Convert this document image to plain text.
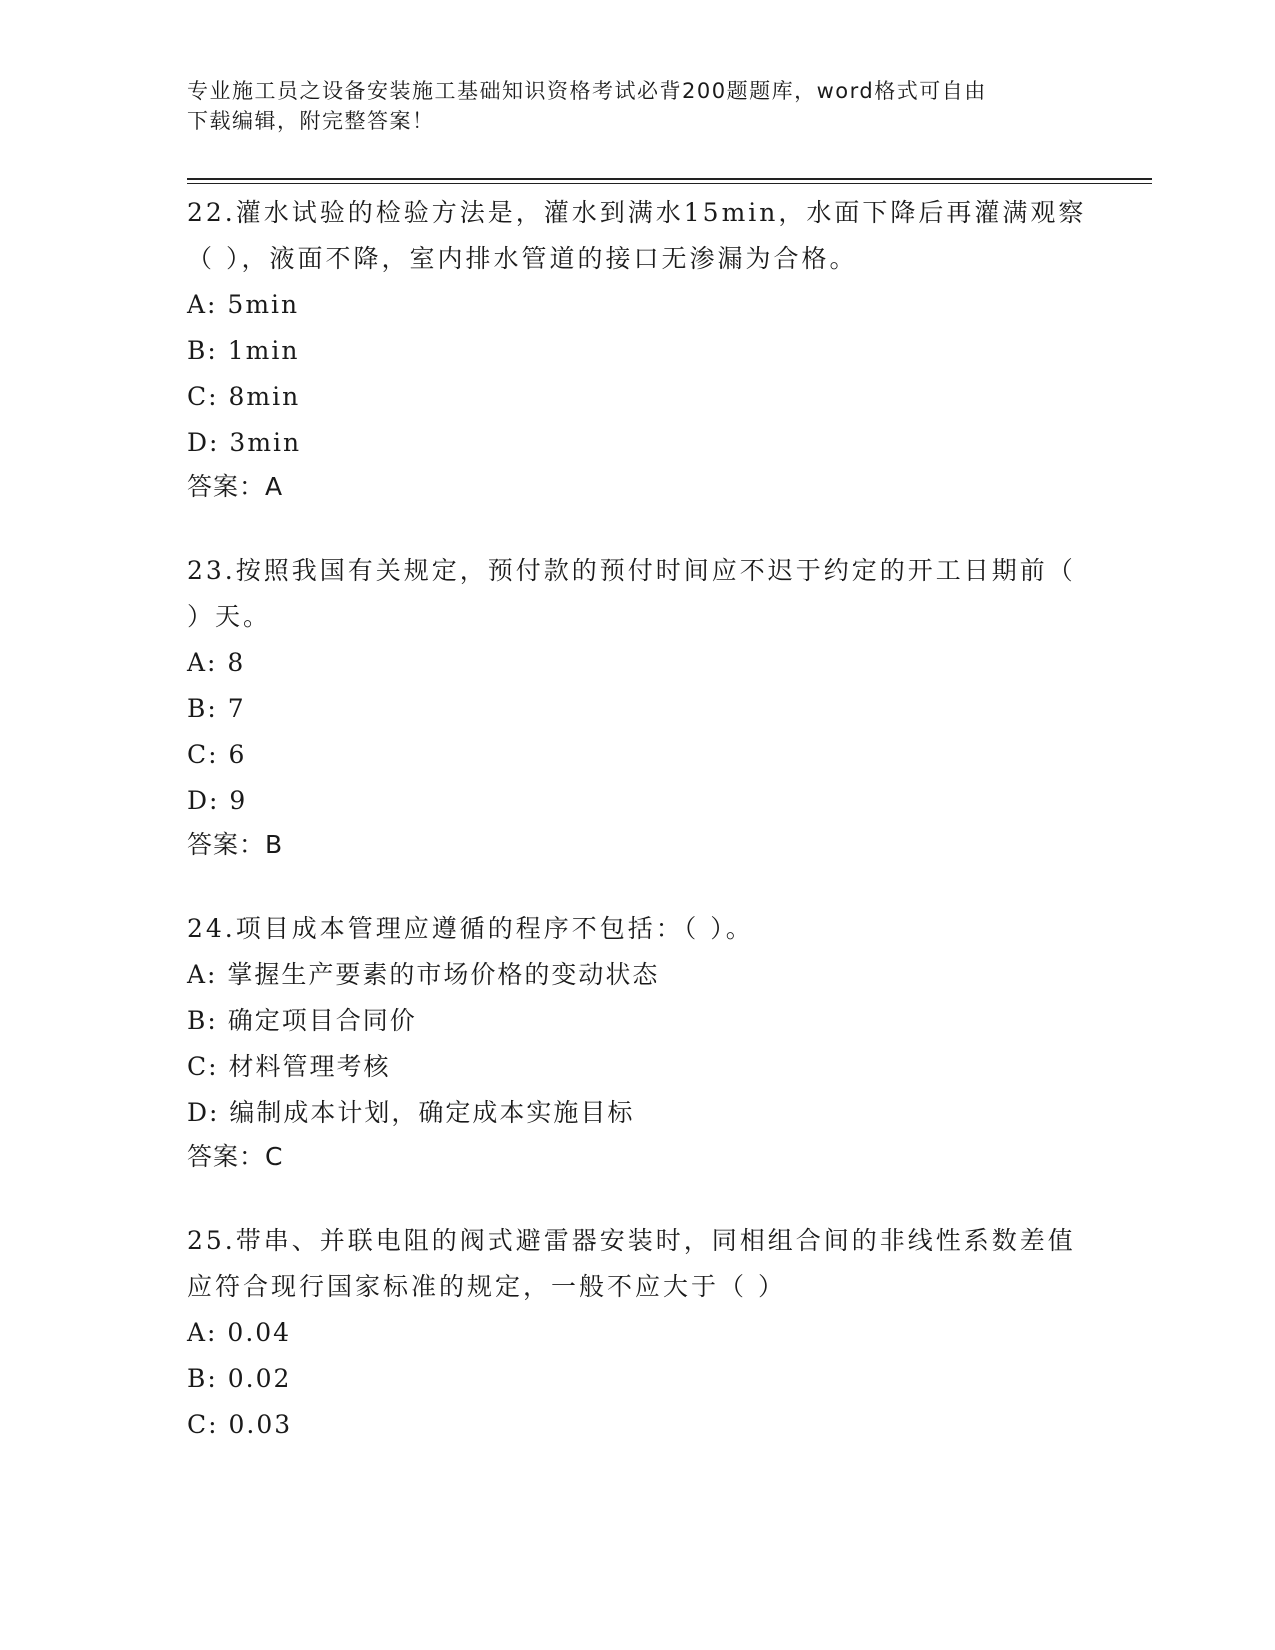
专业施工员之设备安装施工基础知识资格考试必背200题题库，word格式可自由
下载编辑，附完整答案！

22.灌水试验的检验方法是，灌水到满水15min，水面下降后再灌满观察（ ），液面不降，室内排水管道的接口无渗漏为合格。

A: 5min

B: 1min

C: 8min

D: 3min

答案：A

23.按照我国有关规定，预付款的预付时间应不迟于约定的开工日期前（ ）天。

A: 8

B: 7

C: 6

D: 9

答案：B

24.项目成本管理应遵循的程序不包括：（ ）。

A: 掌握生产要素的市场价格的变动状态

B: 确定项目合同价

C: 材料管理考核

D: 编制成本计划，确定成本实施目标

答案：C

25.带串、并联电阻的阀式避雷器安装时，同相组合间的非线性系数差值应符合现行国家标准的规定，一般不应大于（ ）

A: 0.04

B: 0.02

C: 0.03
